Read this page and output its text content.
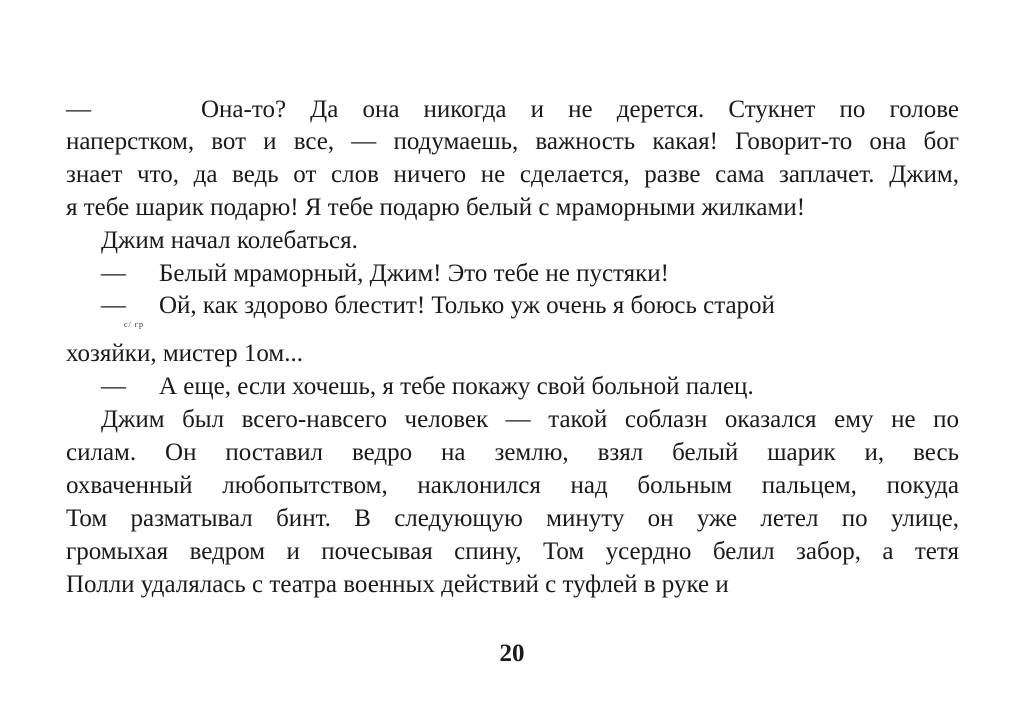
—	Она-то? Да она никогда и не дерется. Стукнет по голове
наперстком, вот и все, — подумаешь, важность какая! Говорит-то она бог
знает что, да ведь от слов ничего не сделается, разве сама заплачет. Джим,
я тебе шарик подарю! Я тебе подарю белый с мраморными жилками!
Джим начал колебаться.
—	Белый мраморный, Джим! Это тебе не пустяки!
—	Ой, как здорово блестит! Только уж очень я боюсь старой
c/ гр
хозяйки, мистер 1ом...
—	А еще, если хочешь, я тебе покажу свой больной палец.
Джим был всего-навсего человек — такой соблазн оказался ему не по
силам. Он поставил ведро на землю, взял белый шарик и, весь
охваченный любопытством, наклонился над больным пальцем, покуда
Том разматывал бинт. В следующую минуту он уже летел по улице,
громыхая ведром и почесывая спину, Том усердно белил забор, а тетя
Полли удалялась с театра военных действий с туфлей в руке и
20
